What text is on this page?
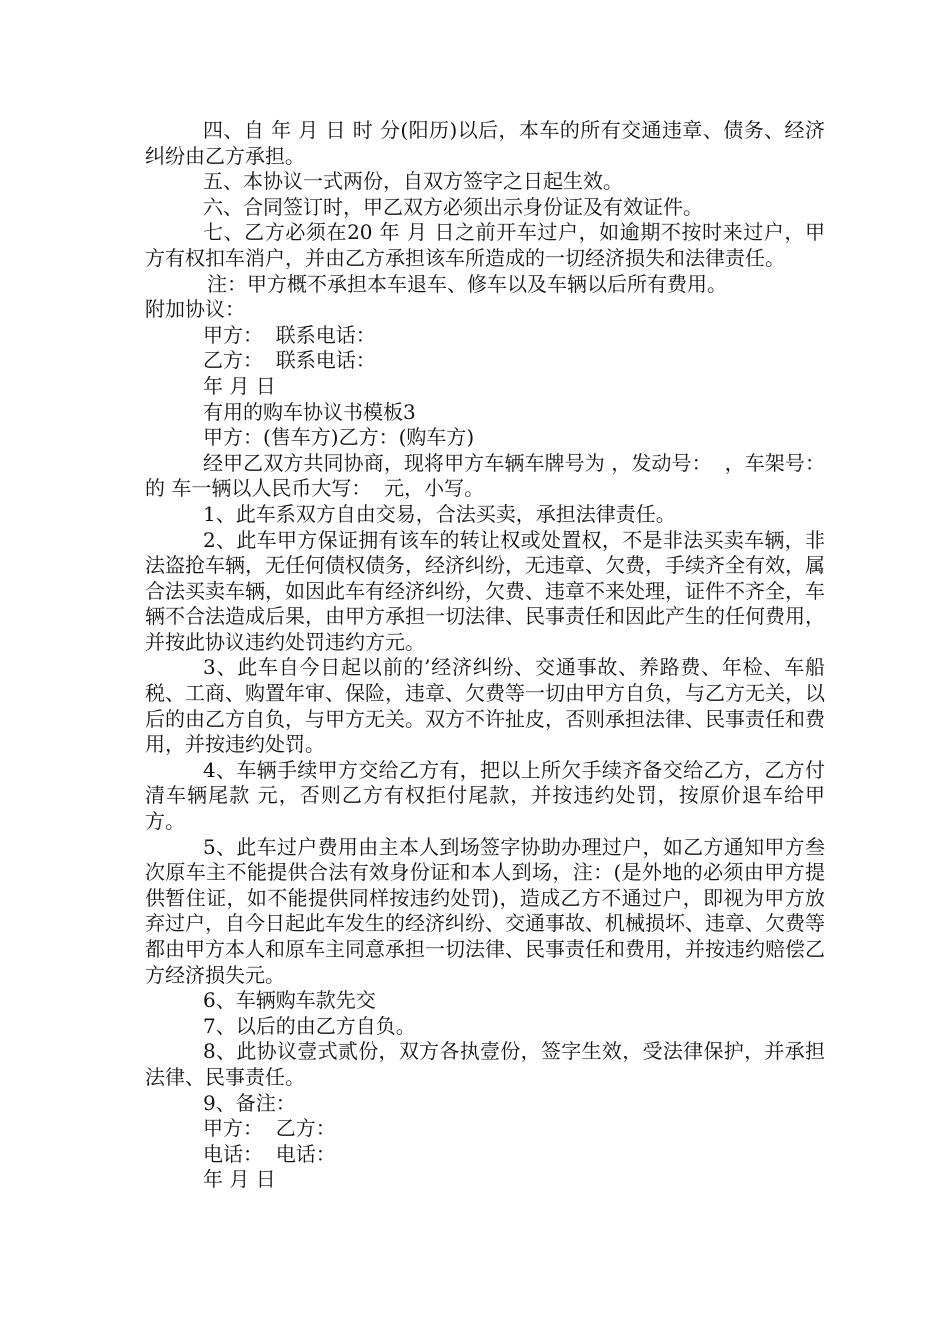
四、自 年 月 日 时 分(阳历)以后，本车的所有交通违章、债务、经济纠纷由乙方承担。

五、本协议一式两份，自双方签字之日起生效。

六、合同签订时，甲乙双方必须出示身份证及有效证件。

七、乙方必须在20 年 月 日之前开车过户，如逾期不按时来过户，甲方有权扣车消户，并由乙方承担该车所造成的一切经济损失和法律责任。

注：甲方概不承担本车退车、修车以及车辆以后所有费用。

附加协议：

甲方：  联系电话：

乙方：  联系电话：

年 月 日

有用的购车协议书模板3

甲方：(售车方)乙方：(购车方)

经甲乙双方共同协商，现将甲方车辆车牌号为 ，发动号：  ，车架号：  的 车一辆以人民币大写：  元，小写。

1、此车系双方自由交易，合法买卖，承担法律责任。

2、此车甲方保证拥有该车的转让权或处置权，不是非法买卖车辆，非法盗抢车辆，无任何债权债务，经济纠纷，无违章、欠费，手续齐全有效，属合法买卖车辆，如因此车有经济纠纷，欠费、违章不来处理，证件不齐全，车辆不合法造成后果，由甲方承担一切法律、民事责任和因此产生的任何费用，并按此协议违约处罚违约方元。

3、此车自今日起以前的’经济纠纷、交通事故、养路费、年检、车船税、工商、购置年审、保险，违章、欠费等一切由甲方自负，与乙方无关，以后的由乙方自负，与甲方无关。双方不许扯皮，否则承担法律、民事责任和费用，并按违约处罚。

4、车辆手续甲方交给乙方有，把以上所欠手续齐备交给乙方，乙方付清车辆尾款 元，否则乙方有权拒付尾款，并按违约处罚，按原价退车给甲方。

5、此车过户费用由主本人到场签字协助办理过户，如乙方通知甲方叁次原车主不能提供合法有效身份证和本人到场，注：(是外地的必须由甲方提供暂住证，如不能提供同样按违约处罚)，造成乙方不通过户，即视为甲方放弃过户，自今日起此车发生的经济纠纷、交通事故、机械损坏、违章、欠费等都由甲方本人和原车主同意承担一切法律、民事责任和费用，并按违约赔偿乙方经济损失元。

6、车辆购车款先交

7、以后的由乙方自负。

8、此协议壹式贰份，双方各执壹份，签字生效，受法律保护，并承担法律、民事责任。

9、备注：

甲方：  乙方：

电话：  电话：

年 月 日
